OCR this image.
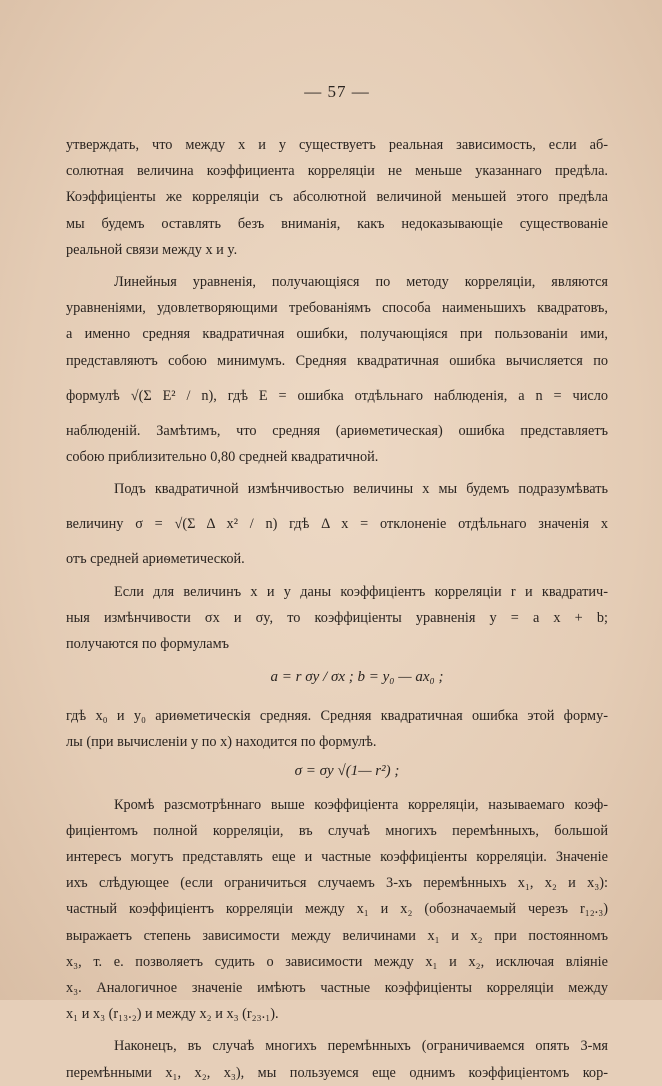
— 57 —

утверждать, что между x и y существуетъ реальная зависимость, если аб-
солютная величина коэффициента корреляціи не меньше указаннаго предѣла.
Коэффиціенты же корреляціи съ абсолютной величиной меньшей этого предѣла
мы будемъ оставлять безъ вниманія, какъ недоказывающіе существованіе
реальной связи между x и y.

Линейныя уравненія, получающіяся по методу корреляціи, являются
уравненіями, удовлетворяющими требованіямъ способа наименьшихъ квадратовъ,
а именно средняя квадратичная ошибки, получающіяся при пользованіи ими,
представляютъ собою минимумъ. Средняя квадратичная ошибка вычисляется по
формулѣ √(Σ E² / n), гдѣ E = ошибка отдѣльнаго наблюденія, а n = число
наблюденій. Замѣтимъ, что средняя (ариѳметическая) ошибка представляетъ
собою приблизительно 0,80 средней квадратичной.

Подъ квадратичной измѣнчивостью величины x мы будемъ подразумѣвать
величину σ = √(Σ Δ x² / n) гдѣ Δ x = отклоненіе отдѣльнаго значенія x
отъ средней ариѳметической.

Если для величинъ x и y даны коэффиціентъ корреляціи r и квадратич-
ныя измѣнчивости σx и σy, то коэффиціенты уравненія y = a x + b;
получаются по формуламъ

a = r σy / σx ; b = y₀ — ax₀ ;

гдѣ x₀ и y₀ ариѳметическія средняя. Средняя квадратичная ошибка этой форму-
лы (при вычисленіи y по x) находится по формулѣ.

σ = σy √(1— r²) ;

Кромѣ разсмотрѣннаго выше коэффиціента корреляціи, называемаго коэф-
фиціентомъ полной корреляціи, въ случаѣ многихъ перемѣнныхъ, большой
интересъ могутъ представлять еще и частные коэффиціенты корреляціи. Значеніе
ихъ слѣдующее (если ограничиться случаемъ 3-хъ перемѣнныхъ x₁, x₂ и x₃):
частный коэффиціентъ корреляціи между x₁ и x₂ (обозначаемый черезъ r₁₂.₃)
выражаетъ степень зависимости между величинами x₁ и x₂ при постоянномъ
x₃, т. е. позволяетъ судить о зависимости между x₁ и x₂, исключая вліяніе
x₃. Аналогичное значеніе имѣютъ частные коэффиціенты корреляціи между
x₁ и x₃ (r₁₃.₂) и между x₂ и x₃ (r₂₃.₁).

Наконецъ, въ случаѣ многихъ перемѣнныхъ (ограничиваемся опять 3-мя
перемѣнными x₁, x₂, x₃), мы пользуемся еще однимъ коэффиціентомъ кор-
